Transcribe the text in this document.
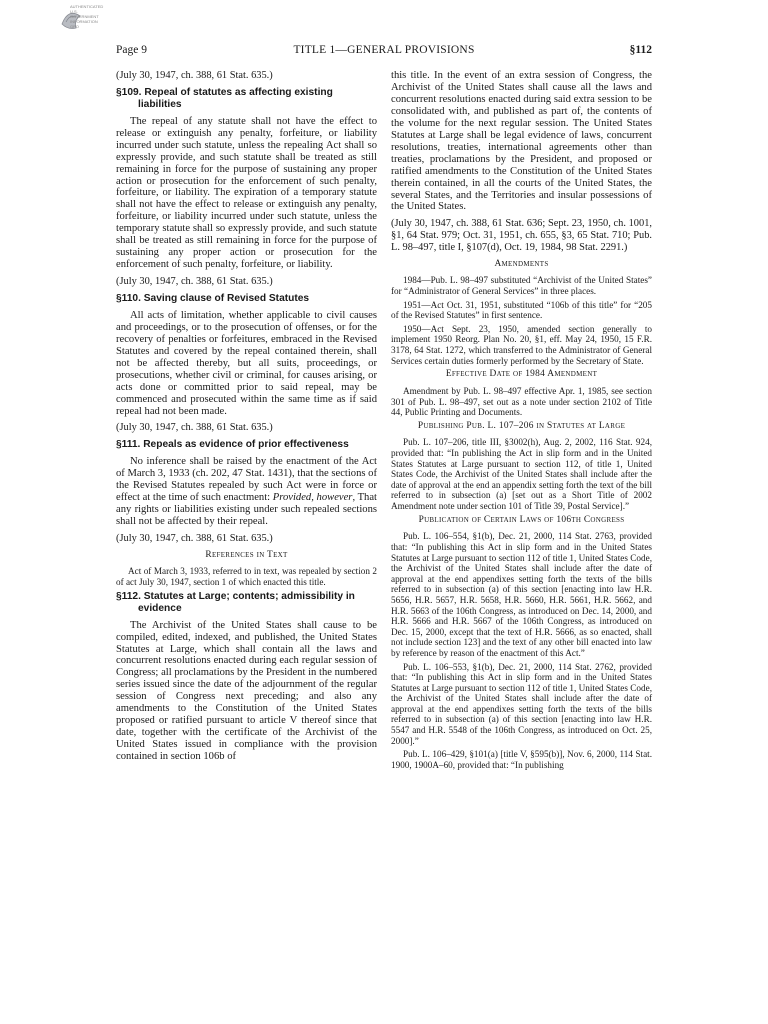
AUTHENTICATED U.S. GOVERNMENT INFORMATION GPO
Page 9	TITLE 1—GENERAL PROVISIONS	§112

(July 30, 1947, ch. 388, 61 Stat. 635.)

§109. Repeal of statutes as affecting existing liabilities

The repeal of any statute shall not have the effect to release or extinguish any penalty, forfeiture, or liability incurred under such statute, unless the repealing Act shall so expressly provide, and such statute shall be treated as still remaining in force for the purpose of sustaining any proper action or prosecution for the enforcement of such penalty, forfeiture, or liability. The expiration of a temporary statute shall not have the effect to release or extinguish any penalty, forfeiture, or liability incurred under such statute, unless the temporary statute shall so expressly provide, and such statute shall be treated as still remaining in force for the purpose of sustaining any proper action or prosecution for the enforcement of such penalty, forfeiture, or liability.

(July 30, 1947, ch. 388, 61 Stat. 635.)

§110. Saving clause of Revised Statutes

All acts of limitation, whether applicable to civil causes and proceedings, or to the prosecution of offenses, or for the recovery of penalties or forfeitures, embraced in the Revised Statutes and covered by the repeal contained therein, shall not be affected thereby, but all suits, proceedings, or prosecutions, whether civil or criminal, for causes arising, or acts done or committed prior to said repeal, may be commenced and prosecuted within the same time as if said repeal had not been made.

(July 30, 1947, ch. 388, 61 Stat. 635.)

§111. Repeals as evidence of prior effectiveness

No inference shall be raised by the enactment of the Act of March 3, 1933 (ch. 202, 47 Stat. 1431), that the sections of the Revised Statutes repealed by such Act were in force or effect at the time of such enactment: Provided, however, That any rights or liabilities existing under such repealed sections shall not be affected by their repeal.

(July 30, 1947, ch. 388, 61 Stat. 635.)

References in Text

Act of March 3, 1933, referred to in text, was repealed by section 2 of act July 30, 1947, section 1 of which enacted this title.

§112. Statutes at Large; contents; admissibility in evidence

The Archivist of the United States shall cause to be compiled, edited, indexed, and published, the United States Statutes at Large, which shall contain all the laws and concurrent resolutions enacted during each regular session of Congress; all proclamations by the President in the numbered series issued since the date of the adjournment of the regular session of Congress next preceding; and also any amendments to the Constitution of the United States proposed or ratified pursuant to article V thereof since that date, together with the certificate of the Archivist of the United States issued in compliance with the provision contained in section 106b of

this title. In the event of an extra session of Congress, the Archivist of the United States shall cause all the laws and concurrent resolutions enacted during said extra session to be consolidated with, and published as part of, the contents of the volume for the next regular session. The United States Statutes at Large shall be legal evidence of laws, concurrent resolutions, treaties, international agreements other than treaties, proclamations by the President, and proposed or ratified amendments to the Constitution of the United States therein contained, in all the courts of the United States, the several States, and the Territories and insular possessions of the United States.

(July 30, 1947, ch. 388, 61 Stat. 636; Sept. 23, 1950, ch. 1001, §1, 64 Stat. 979; Oct. 31, 1951, ch. 655, §3, 65 Stat. 710; Pub. L. 98–497, title I, §107(d), Oct. 19, 1984, 98 Stat. 2291.)

Amendments

1984—Pub. L. 98–497 substituted “Archivist of the United States” for “Administrator of General Services” in three places.

1951—Act Oct. 31, 1951, substituted “106b of this title” for “205 of the Revised Statutes” in first sentence.

1950—Act Sept. 23, 1950, amended section generally to implement 1950 Reorg. Plan No. 20, §1, eff. May 24, 1950, 15 F.R. 3178, 64 Stat. 1272, which transferred to the Administrator of General Services certain duties formerly performed by the Secretary of State.

Effective Date of 1984 Amendment

Amendment by Pub. L. 98–497 effective Apr. 1, 1985, see section 301 of Pub. L. 98–497, set out as a note under section 2102 of Title 44, Public Printing and Documents.

Publishing Pub. L. 107–206 in Statutes at Large

Pub. L. 107–206, title III, §3002(h), Aug. 2, 2002, 116 Stat. 924, provided that: “In publishing the Act in slip form and in the United States Statutes at Large pursuant to section 112, of title 1, United States Code, the Archivist of the United States shall include after the date of approval at the end an appendix setting forth the text of the bill referred to in subsection (a) [set out as a Short Title of 2002 Amendment note under section 101 of Title 39, Postal Service].”

Publication of Certain Laws of 106th Congress

Pub. L. 106–554, §1(b), Dec. 21, 2000, 114 Stat. 2763, provided that: “In publishing this Act in slip form and in the United States Statutes at Large pursuant to section 112 of title 1, United States Code, the Archivist of the United States shall include after the date of approval at the end appendixes setting forth the texts of the bills referred to in subsection (a) of this section [enacting into law H.R. 5656, H.R. 5657, H.R. 5658, H.R. 5660, H.R. 5661, H.R. 5662, and H.R. 5663 of the 106th Congress, as introduced on Dec. 14, 2000, and H.R. 5666 and H.R. 5667 of the 106th Congress, as introduced on Dec. 15, 2000, except that the text of H.R. 5666, as so enacted, shall not include section 123] and the text of any other bill enacted into law by reference by reason of the enactment of this Act.”

Pub. L. 106–553, §1(b), Dec. 21, 2000, 114 Stat. 2762, provided that: “In publishing this Act in slip form and in the United States Statutes at Large pursuant to section 112 of title 1, United States Code, the Archivist of the United States shall include after the date of approval at the end appendixes setting forth the texts of the bills referred to in subsection (a) of this section [enacting into law H.R. 5547 and H.R. 5548 of the 106th Congress, as introduced on Oct. 25, 2000].”

Pub. L. 106–429, §101(a) [title V, §595(b)], Nov. 6, 2000, 114 Stat. 1900, 1900A–60, provided that: “In publishing
